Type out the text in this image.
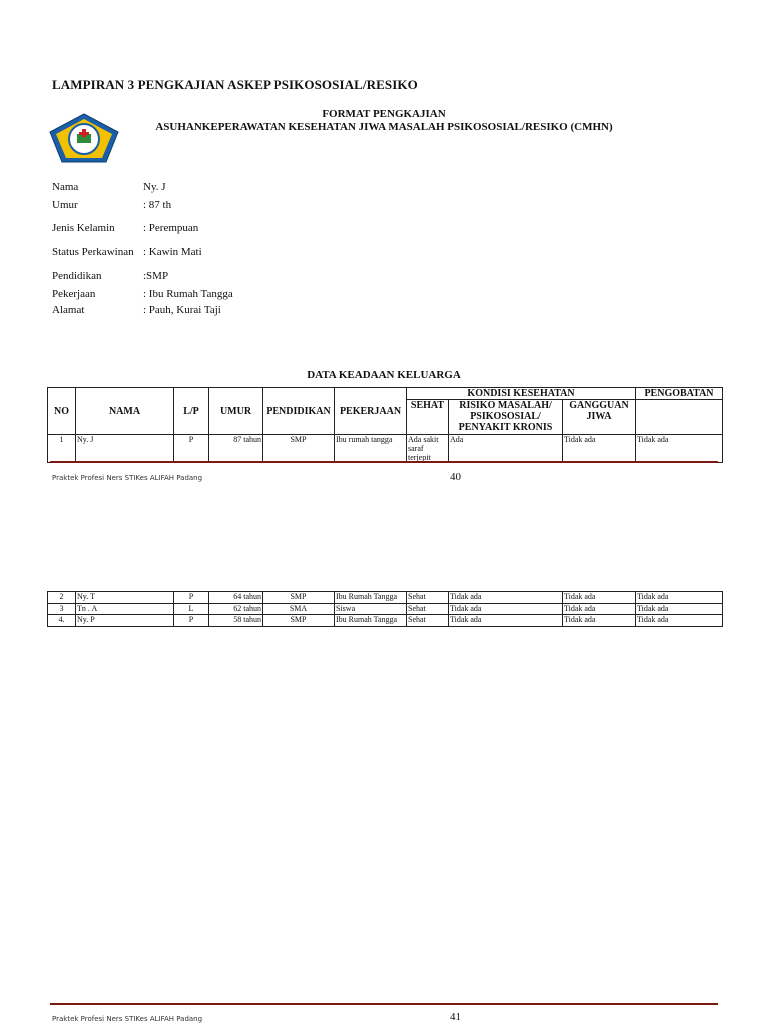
LAMPIRAN 3 PENGKAJIAN ASKEP PSIKOSOSIAL/RESIKO
FORMAT PENGKAJIAN
ASUHANKEPERAWATAN KESEHATAN JIWA MASALAH PSIKOSOSIAL/RESIKO (CMHN)
Nama	Ny. J
Umur	: 87 th
Jenis Kelamin	: Perempuan
Status Perkawinan : Kawin Mati
Pendidikan	:SMP
Pekerjaan	: Ibu Rumah Tangga
Alamat	: Pauh, Kurai Taji
DATA KEADAAN KELUARGA
NO	NAMA	L/P	UMUR	PENDIDIKAN	PEKERJAAN	KONDISI KESEHATAN			PENGOBATAN
						SEHAT	RISIKO MASALAH/ PSIKOSOSIAL/ PENYAKIT KRONIS	GANGGUAN JIWA	
1	Ny. J	P	87 tahun	SMP	Ibu rumah tangga	Ada sakit saraf terjepit	Ada	Tidak ada	Tidak ada
Praktek Profesi Ners STIKes ALIFAH Padang	40
2	Ny. T	P	64 tahun	SMP	Ibu Rumah Tangga	Sehat	Tidak ada	Tidak ada	Tidak ada
3	Tn . A	L	62 tahun	SMA	Siswa	Sehat	Tidak ada	Tidak ada	Tidak ada
4.	Ny. P	P	58 tahun	SMP	Ibu Rumah Tangga	Sehat	Tidak ada	Tidak ada	Tidak ada
Praktek Profesi Ners STIKes ALIFAH Padang	41
